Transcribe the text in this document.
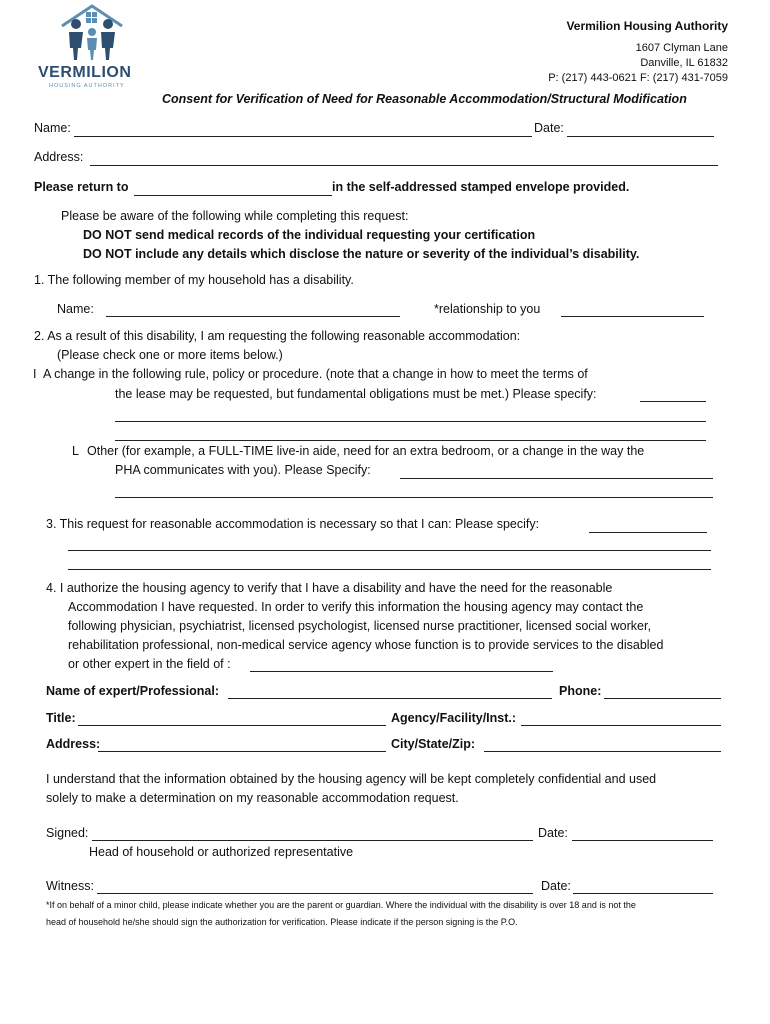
VERMILION
HOUSING AUTHORITY
Vermilion Housing Authority
1607 Clyman Lane
Danville, IL 61832
P: (217) 443-0621 F: (217) 431-7059
Consent for Verification of Need for Reasonable Accommodation/Structural Modification
Name:	Date:
Address:
Please return to	in the self-addressed stamped envelope provided.
Please be aware of the following while completing this request:
DO NOT send medical records of the individual requesting your certification
DO NOT include any details which disclose the nature or severity of the individual’s disability.
1. The following member of my household has a disability.
Name:	*relationship to you
2. As a result of this disability, I am requesting the following reasonable accommodation:
(Please check one or more items below.)
I A change in the following rule, policy or procedure. (note that a change in how to meet the terms of
the lease may be requested, but fundamental obligations must be met.) Please specify:
L Other (for example, a FULL-TIME live-in aide, need for an extra bedroom, or a change in the way the
PHA communicates with you). Please Specify:
3. This request for reasonable accommodation is necessary so that I can: Please specify:
4. I authorize the housing agency to verify that I have a disability and have the need for the reasonable
Accommodation I have requested. In order to verify this information the housing agency may contact the
following physician, psychiatrist, licensed psychologist, licensed nurse practitioner, licensed social worker,
rehabilitation professional, non-medical service agency whose function is to provide services to the disabled
or other expert in the field of :
Name of expert/Professional:	Phone:
Title:	Agency/Facility/Inst.:
Address:	City/State/Zip:
I understand that the information obtained by the housing agency will be kept completely confidential and used
solely to make a determination on my reasonable accommodation request.
Signed:	Date:
Head of household or authorized representative
Witness:	Date:
*If on behalf of a minor child, please indicate whether you are the parent or guardian. Where the individual with the disability is over 18 and is not the
head of household he/she should sign the authorization for verification. Please indicate if the person signing is the P.O.
